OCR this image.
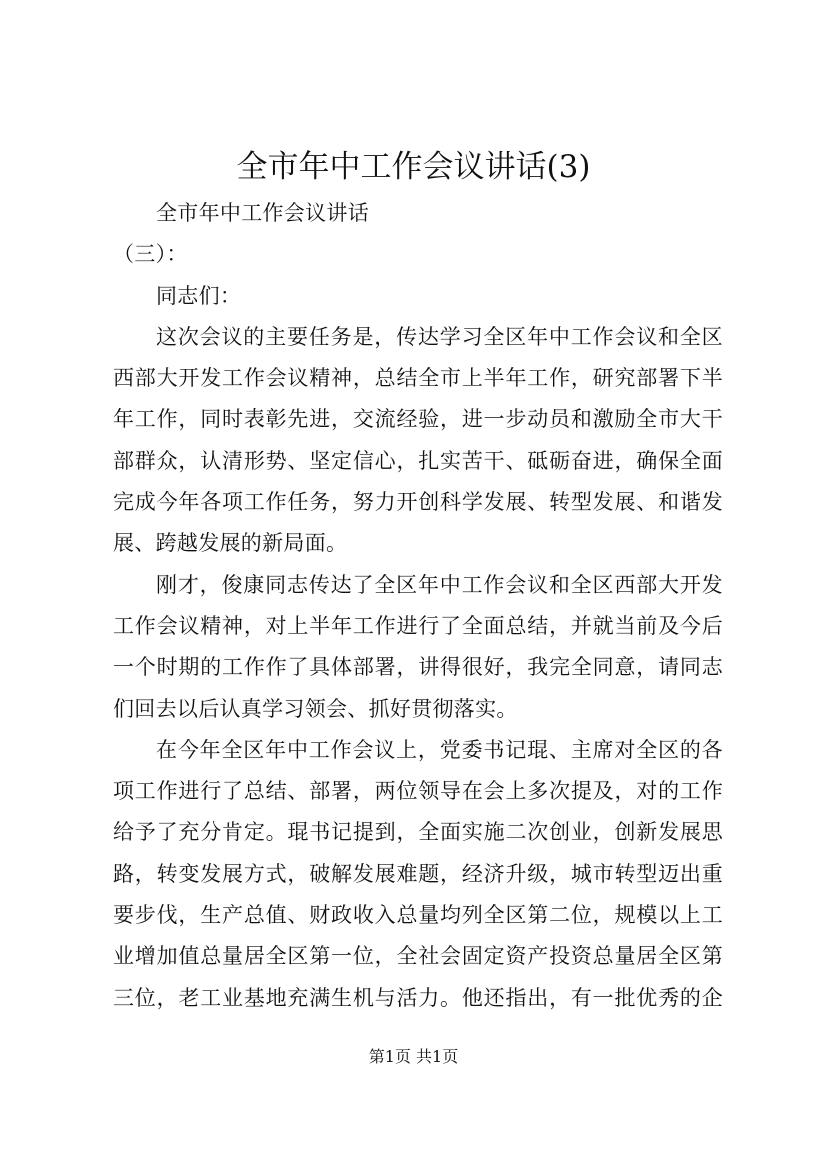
全市年中工作会议讲话(3)
全市年中工作会议讲话
（三）：
同志们：
这次会议的主要任务是，传达学习全区年中工作会议和全区
西部大开发工作会议精神，总结全市上半年工作，研究部署下半
年工作，同时表彰先进，交流经验，进一步动员和激励全市大干
部群众，认清形势、坚定信心，扎实苦干、砥砺奋进，确保全面
完成今年各项工作任务，努力开创科学发展、转型发展、和谐发
展、跨越发展的新局面。
刚才，俊康同志传达了全区年中工作会议和全区西部大开发
工作会议精神，对上半年工作进行了全面总结，并就当前及今后
一个时期的工作作了具体部署，讲得很好，我完全同意，请同志
们回去以后认真学习领会、抓好贯彻落实。
在今年全区年中工作会议上，党委书记琨、主席对全区的各
项工作进行了总结、部署，两位领导在会上多次提及，对的工作
给予了充分肯定。琨书记提到，全面实施二次创业，创新发展思
路，转变发展方式，破解发展难题，经济升级，城市转型迈出重
要步伐，生产总值、财政收入总量均列全区第二位，规模以上工
业增加值总量居全区第一位，全社会固定资产投资总量居全区第
三位，老工业基地充满生机与活力。他还指出，有一批优秀的企
第1页 共1页
